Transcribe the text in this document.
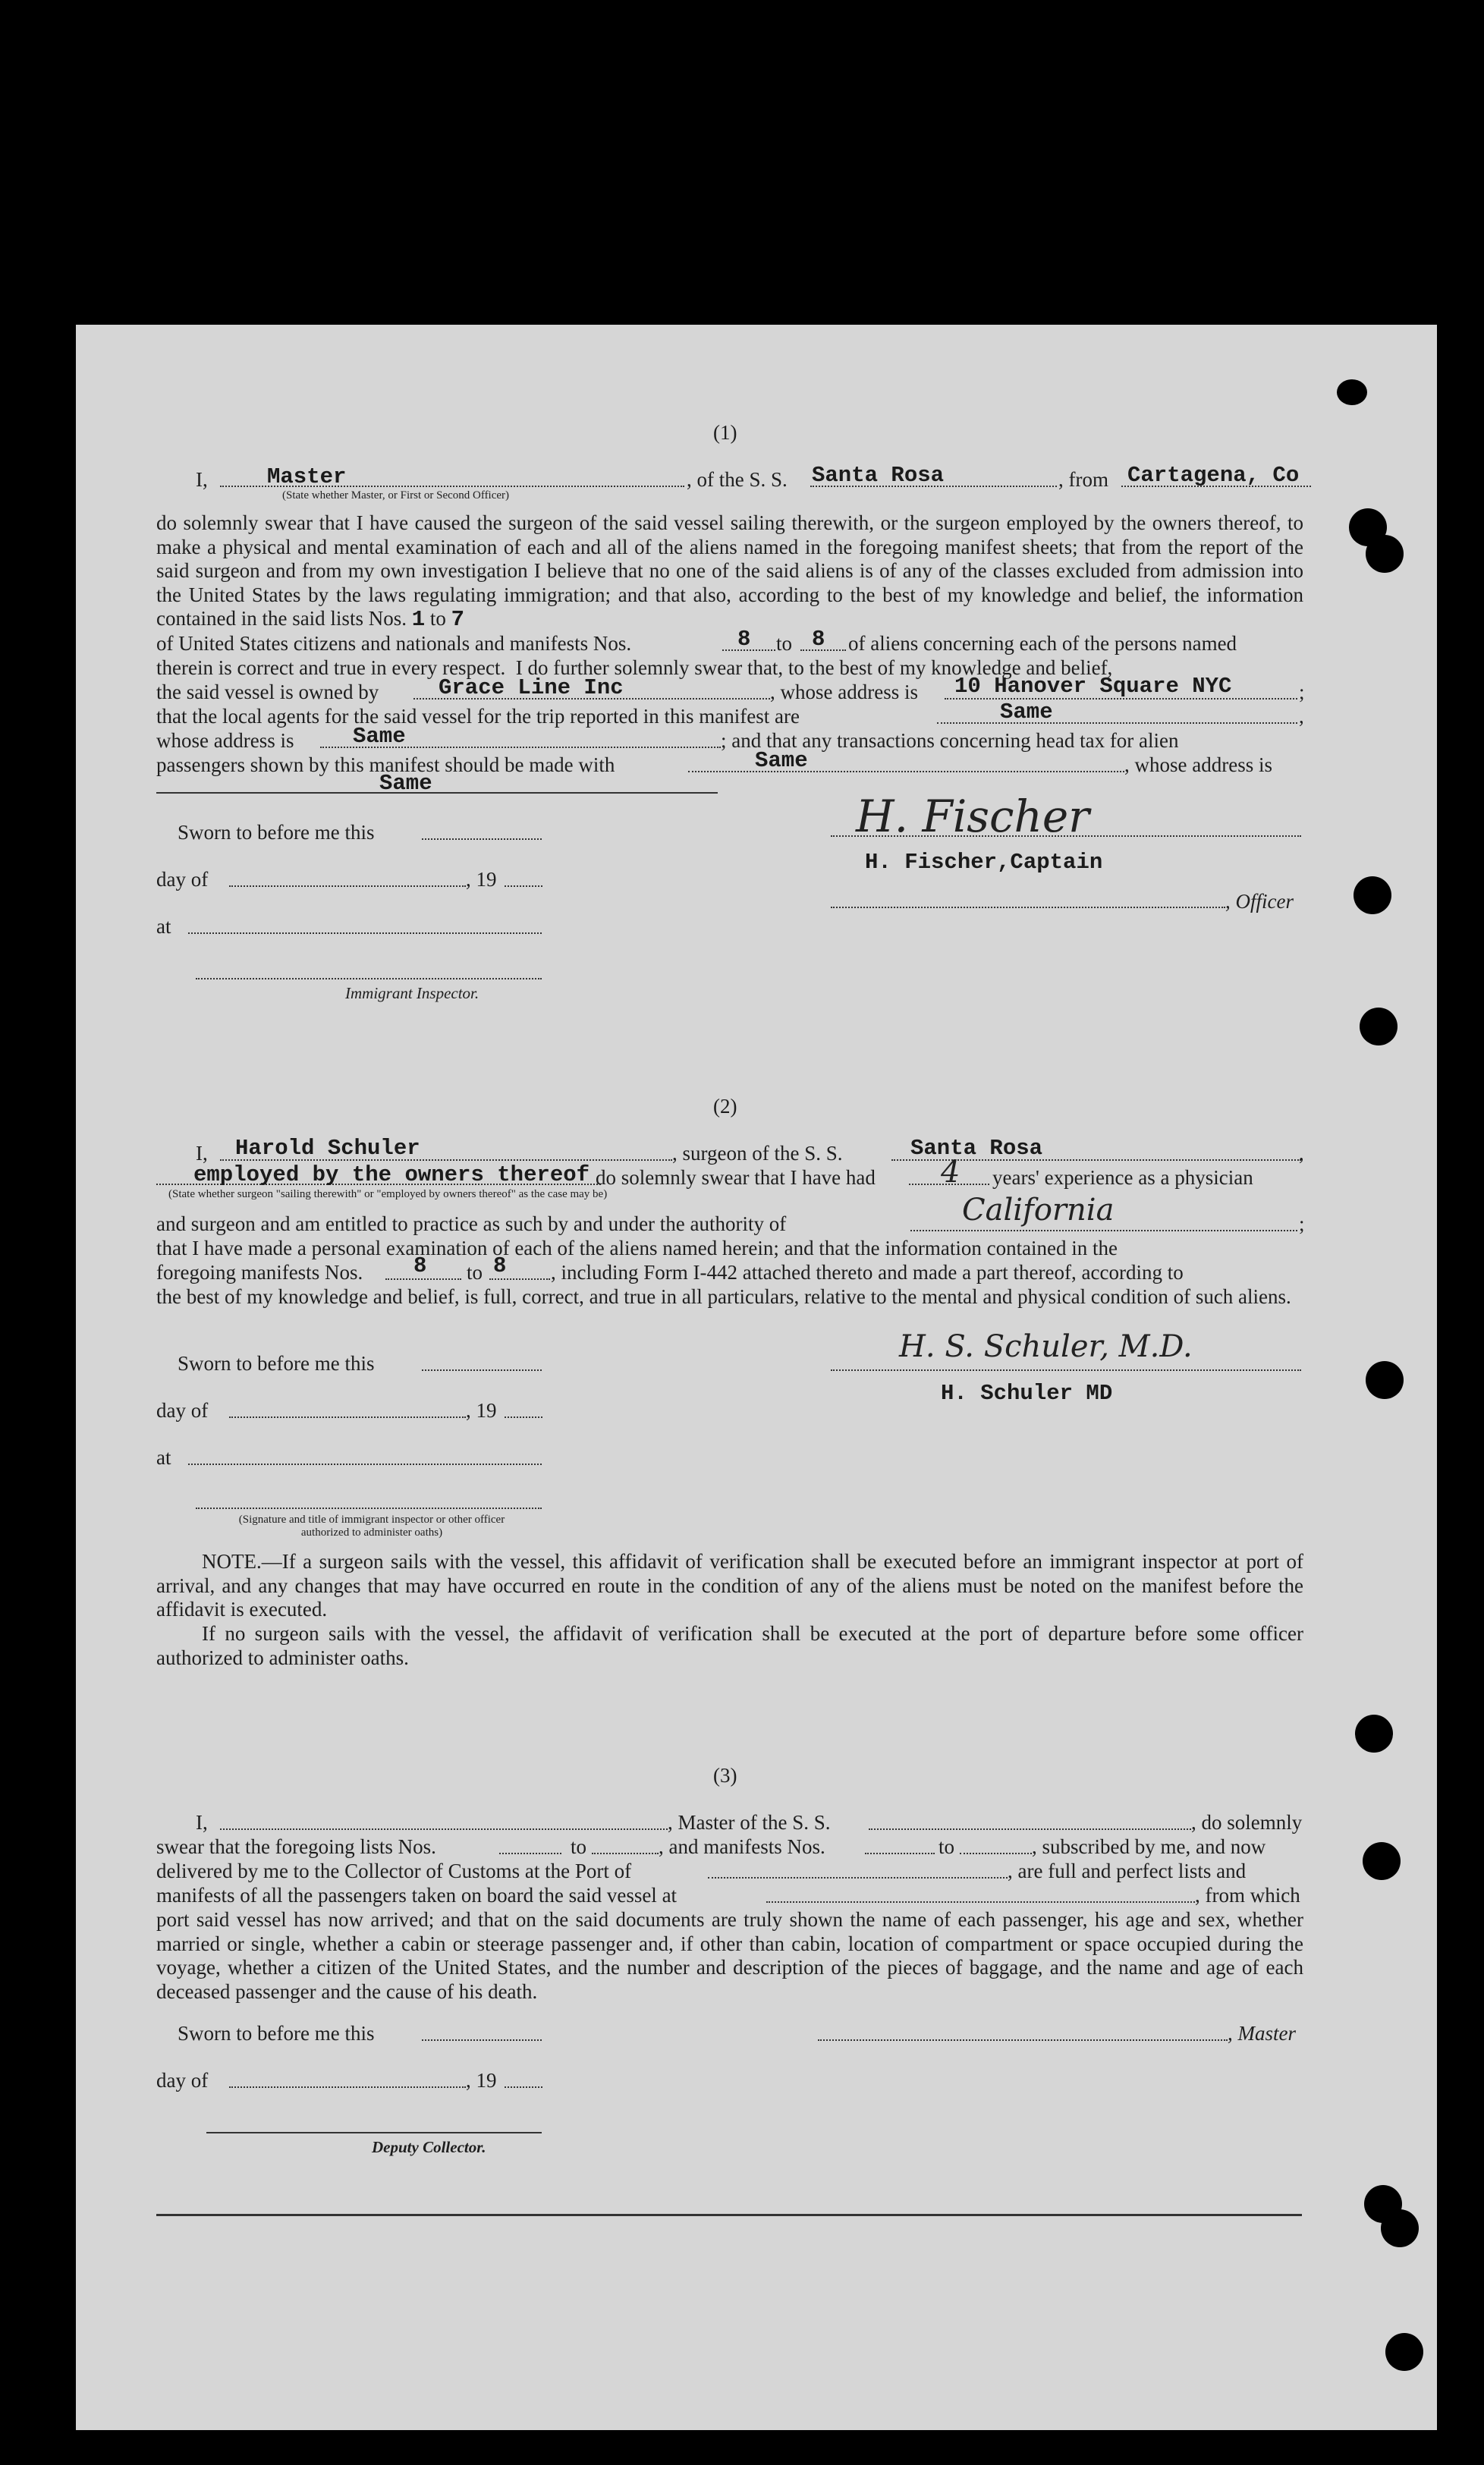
(1)
I,	Master	, of the S. S. Santa Rosa	, from Cartagena, Co
(State whether Master, or First or Second Officer)
do solemnly swear that I have caused the surgeon of the said vessel sailing therewith, or the surgeon employed by the owners thereof, to make a physical and mental examination of each and all of the aliens named in the foregoing manifest sheets; that from the report of the said surgeon and from my own investigation I believe that no one of the said aliens is of any of the classes excluded from admission into the United States by the laws regulating immigration; and that also, according to the best of my knowledge and belief, the information contained in the said lists Nos. 1 to 7
of United States citizens and nationals and manifests Nos.	8 to 8 of aliens concerning each of the persons named
therein is correct and true in every respect.  I do further solemnly swear that, to the best of my knowledge and belief,
the said vessel is owned by	Grace Line Inc	, whose address is 10 Hanover Square NYC	;
that the local agents for the said vessel for the trip reported in this manifest are	Same	,
whose address is	Same	; and that any transactions concerning head tax for alien
passengers shown by this manifest should be made with	Same	, whose address is
Same
Sworn to before me this
day of	, 19
at
Immigrant Inspector.
H. Fischer
H. Fischer,Captain
, Officer
(2)
I, Harold Schuler	, surgeon of the S. S.	Santa Rosa	,
employed by the owners thereof do solemnly swear that I have had 4 years' experience as a physician
(State whether surgeon "sailing therewith" or "employed by owners thereof" as the case may be)
and surgeon and am entitled to practice as such by and under the authority of	California	;
that I have made a personal examination of each of the aliens named herein; and that the information contained in the
foregoing manifests Nos. 8 to 8 , including Form I-442 attached thereto and made a part thereof, according to
the best of my knowledge and belief, is full, correct, and true in all particulars, relative to the mental and physical condition of such aliens.
Sworn to before me this
day of	, 19
at
(Signature and title of immigrant inspector or other officer authorized to administer oaths)
H. S. Schuler, M.D.
H. Schuler MD
NOTE.—If a surgeon sails with the vessel, this affidavit of verification shall be executed before an immigrant inspector at port of arrival, and any changes that may have occurred en route in the condition of any of the aliens must be noted on the manifest before the affidavit is executed.
If no surgeon sails with the vessel, the affidavit of verification shall be executed at the port of departure before some officer authorized to administer oaths.
(3)
I,	, Master of the S. S.	, do solemnly
swear that the foregoing lists Nos.	to	, and manifests Nos.	to	, subscribed by me, and now
delivered by me to the Collector of Customs at the Port of	, are full and perfect lists and
manifests of all the passengers taken on board the said vessel at	, from which
port said vessel has now arrived; and that on the said documents are truly shown the name of each passenger, his age and sex, whether married or single, whether a cabin or steerage passenger and, if other than cabin, location of compartment or space occupied during the voyage, whether a citizen of the United States, and the number and description of the pieces of baggage, and the name and age of each deceased passenger and the cause of his death.
Sworn to before me this	, Master
day of	, 19
Deputy Collector.
